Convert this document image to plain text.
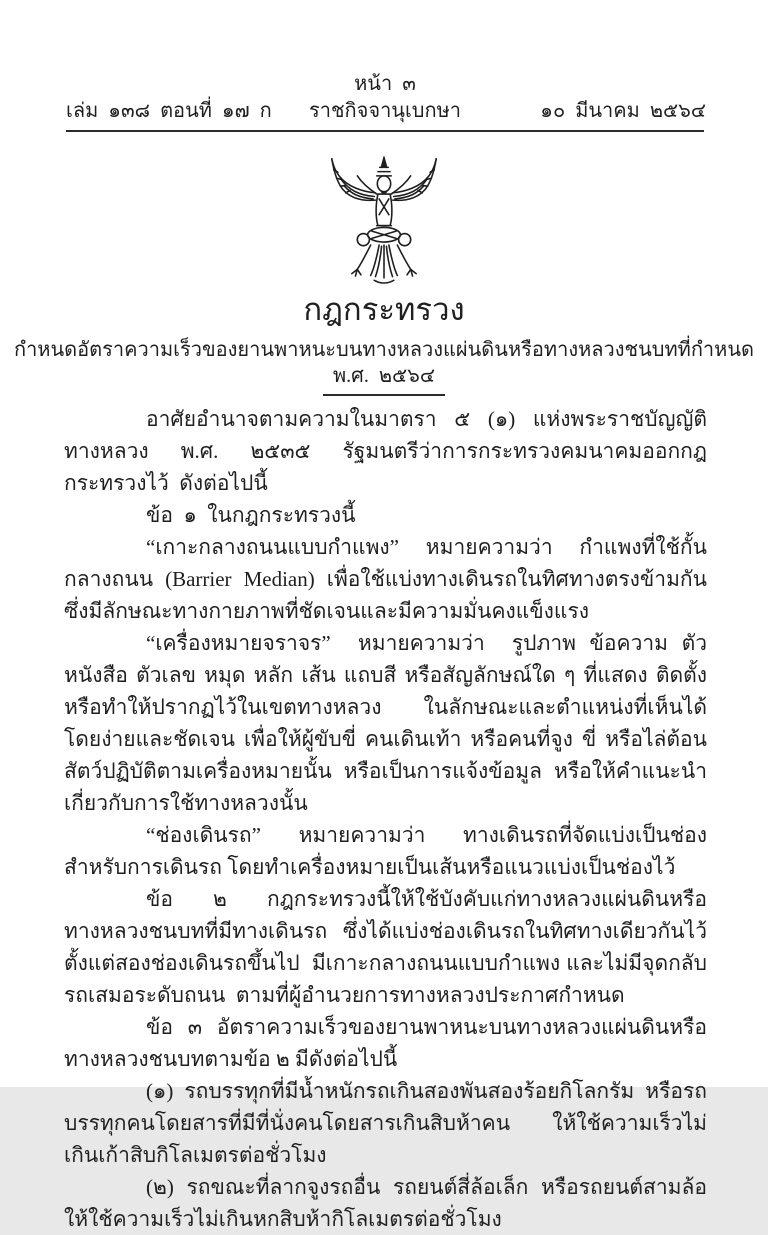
หน้า  ๓
เล่ม  ๑๓๘  ตอนที่  ๑๗  ก	ราชกิจจานุเบกษา	๑๐  มีนาคม  ๒๕๖๔
กฎกระทรวง
กำหนดอัตราความเร็วของยานพาหนะบนทางหลวงแผ่นดินหรือทางหลวงชนบทที่กำหนด
พ.ศ.  ๒๕๖๔

อาศัยอำนาจตามความในมาตรา ๕ (๑) แห่งพระราชบัญญัติทางหลวง พ.ศ. ๒๕๓๕ รัฐมนตรีว่าการกระทรวงคมนาคมออกกฎกระทรวงไว้  ดังต่อไปนี้

ข้อ  ๑  ในกฎกระทรวงนี้

“เกาะกลางถนนแบบกำแพง”  หมายความว่า  กำแพงที่ใช้กั้นกลางถนน (Barrier Median) เพื่อใช้แบ่งทางเดินรถในทิศทางตรงข้ามกัน  ซึ่งมีลักษณะทางกายภาพที่ชัดเจนและมีความมั่นคงแข็งแรง

“เครื่องหมายจราจร”  หมายความว่า  รูปภาพ ข้อความ ตัวหนังสือ ตัวเลข หมุด หลัก เส้น แถบสี หรือสัญลักษณ์ใด ๆ ที่แสดง ติดตั้ง หรือทำให้ปรากฏไว้ในเขตทางหลวง ในลักษณะและตำแหน่งที่เห็นได้โดยง่ายและชัดเจน เพื่อให้ผู้ขับขี่ คนเดินเท้า หรือคนที่จูง ขี่ หรือไล่ต้อนสัตว์ปฏิบัติตามเครื่องหมายนั้น หรือเป็นการแจ้งข้อมูล หรือให้คำแนะนำเกี่ยวกับการใช้ทางหลวงนั้น

“ช่องเดินรถ”  หมายความว่า  ทางเดินรถที่จัดแบ่งเป็นช่องสำหรับการเดินรถ โดยทำเครื่องหมายเป็นเส้นหรือแนวแบ่งเป็นช่องไว้

ข้อ  ๒  กฎกระทรวงนี้ให้ใช้บังคับแก่ทางหลวงแผ่นดินหรือทางหลวงชนบทที่มีทางเดินรถ ซึ่งได้แบ่งช่องเดินรถในทิศทางเดียวกันไว้ตั้งแต่สองช่องเดินรถขึ้นไป  มีเกาะกลางถนนแบบกำแพง และไม่มีจุดกลับรถเสมอระดับถนน  ตามที่ผู้อำนวยการทางหลวงประกาศกำหนด

ข้อ  ๓  อัตราความเร็วของยานพาหนะบนทางหลวงแผ่นดินหรือทางหลวงชนบทตามข้อ ๒ มีดังต่อไปนี้

(๑)  รถบรรทุกที่มีน้ำหนักรถเกินสองพันสองร้อยกิโลกรัม  หรือรถบรรทุกคนโดยสารที่มีที่นั่งคนโดยสารเกินสิบห้าคน  ให้ใช้ความเร็วไม่เกินเก้าสิบกิโลเมตรต่อชั่วโมง

(๒)  รถขณะที่ลากจูงรถอื่น  รถยนต์สี่ล้อเล็ก  หรือรถยนต์สามล้อ  ให้ใช้ความเร็วไม่เกินหกสิบห้ากิโลเมตรต่อชั่วโมง
